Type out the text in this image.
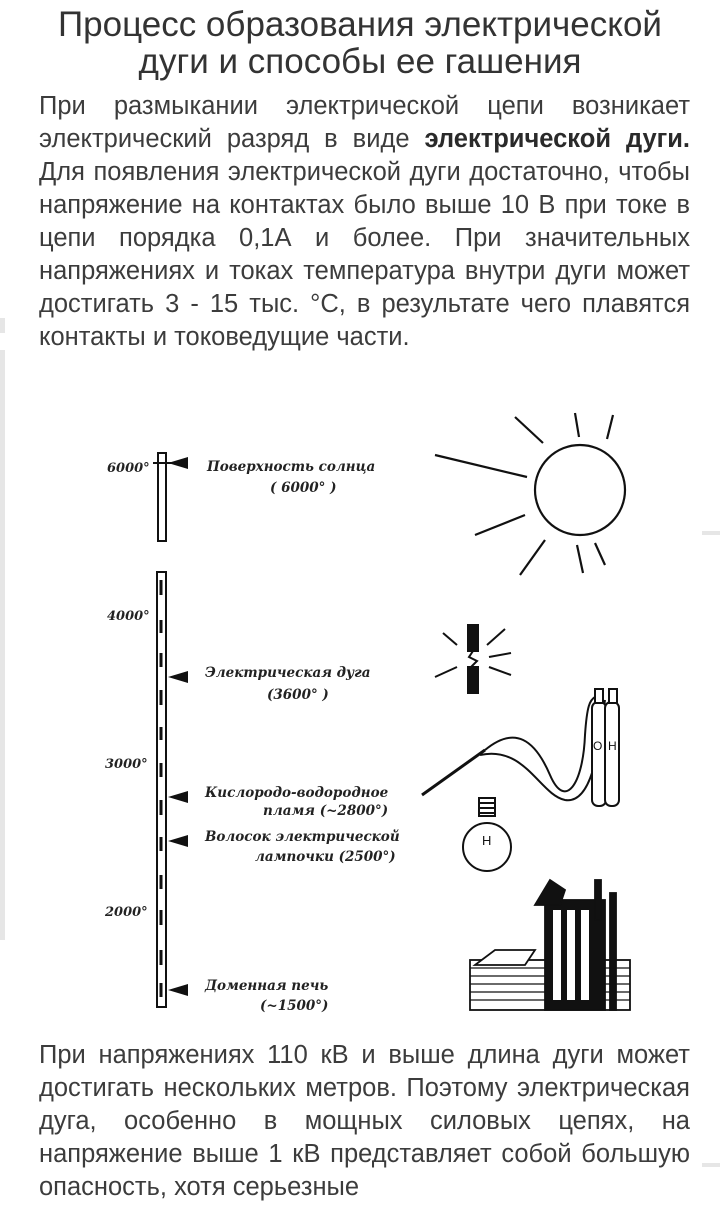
Процесс образования электрической
дуги и способы ее гашения

При размыкании электрической цепи возникает электрический разряд в виде электрической дуги. Для появления электрической дуги достаточно, чтобы напряжение на контактах было выше 10 В при токе в цепи порядка 0,1А и более. При значительных напряжениях и токах температура внутри дуги может достигать 3 - 15 тыс. °С, в результате чего плавятся контакты и токоведущие части.

6000°
4000°
3000°
2000°
Поверхность солнца
( 6000° )
Электрическая дуга
(3600° )
Кислородо-водородное
пламя (~2800°)
Волосок электрической
лампочки (2500°)
Доменная печь
(~1500°)
O H
H

При напряжениях 110 кВ и выше длина дуги может достигать нескольких метров. Поэтому электрическая дуга, особенно в мощных силовых цепях, на напряжение выше 1 кВ представляет собой большую опасность, хотя серьезные
